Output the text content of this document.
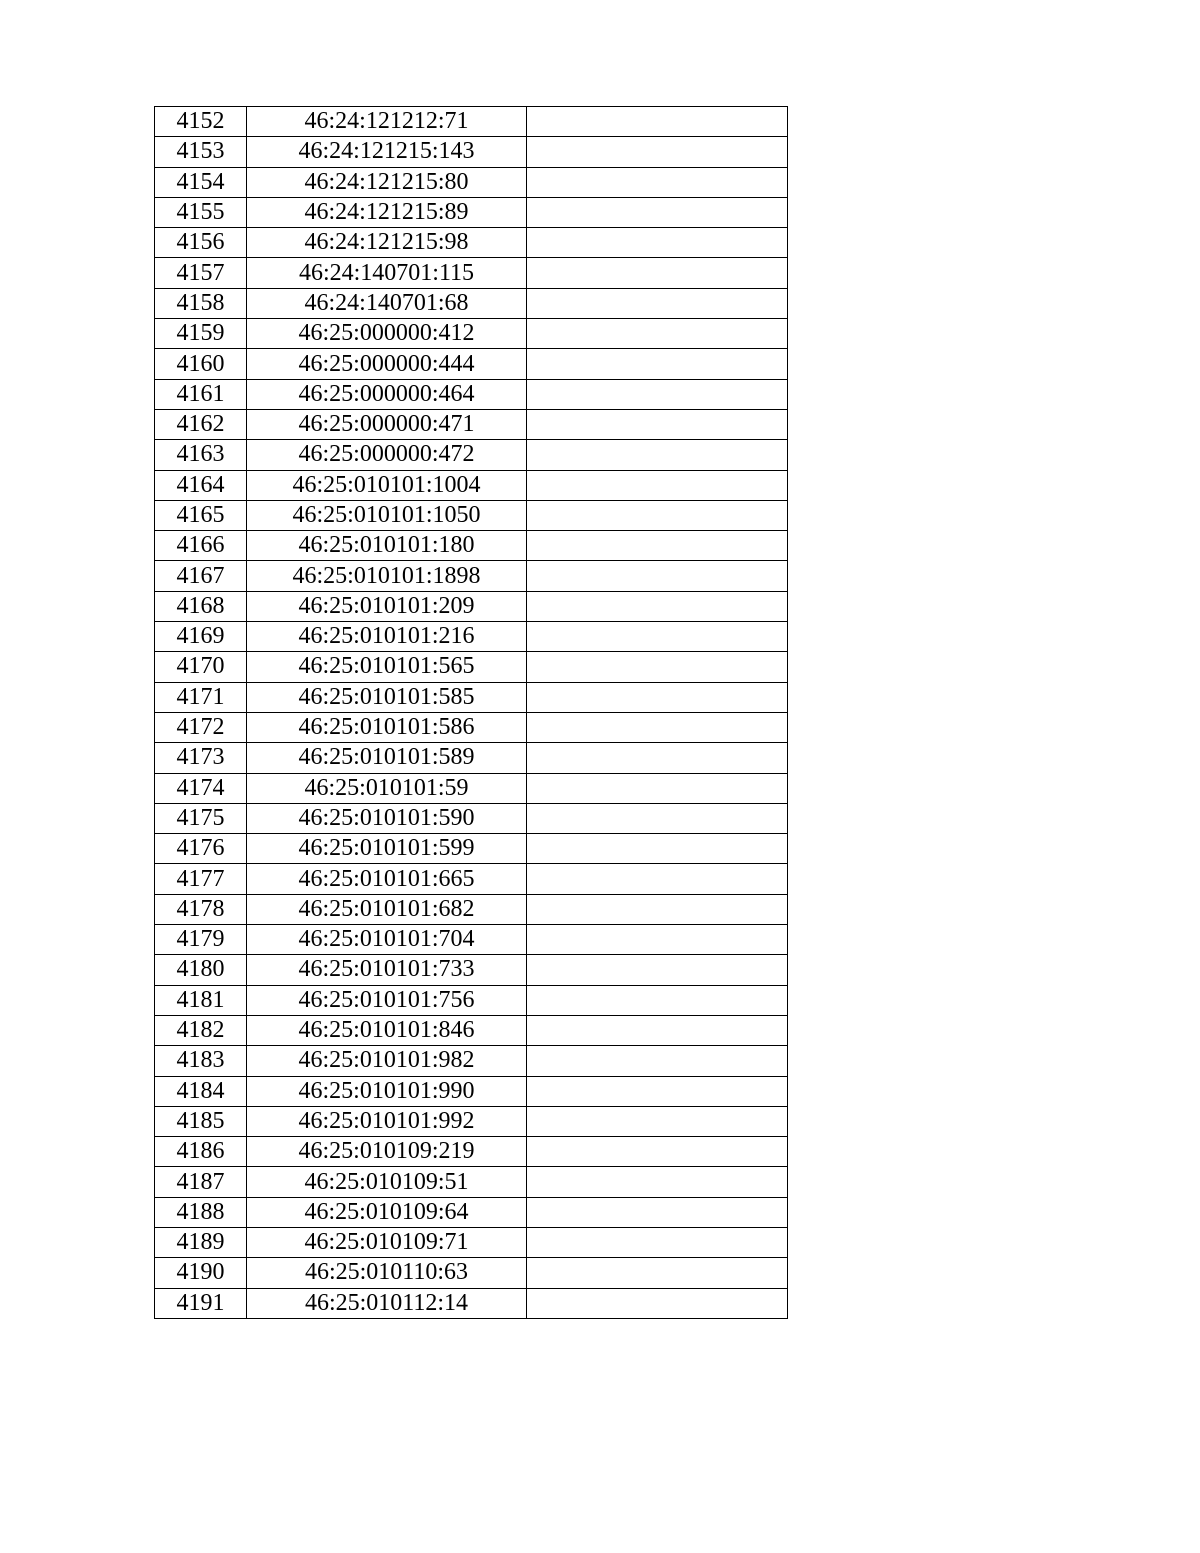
4152	46:24:121212:71	
4153	46:24:121215:143	
4154	46:24:121215:80	
4155	46:24:121215:89	
4156	46:24:121215:98	
4157	46:24:140701:115	
4158	46:24:140701:68	
4159	46:25:000000:412	
4160	46:25:000000:444	
4161	46:25:000000:464	
4162	46:25:000000:471	
4163	46:25:000000:472	
4164	46:25:010101:1004	
4165	46:25:010101:1050	
4166	46:25:010101:180	
4167	46:25:010101:1898	
4168	46:25:010101:209	
4169	46:25:010101:216	
4170	46:25:010101:565	
4171	46:25:010101:585	
4172	46:25:010101:586	
4173	46:25:010101:589	
4174	46:25:010101:59	
4175	46:25:010101:590	
4176	46:25:010101:599	
4177	46:25:010101:665	
4178	46:25:010101:682	
4179	46:25:010101:704	
4180	46:25:010101:733	
4181	46:25:010101:756	
4182	46:25:010101:846	
4183	46:25:010101:982	
4184	46:25:010101:990	
4185	46:25:010101:992	
4186	46:25:010109:219	
4187	46:25:010109:51	
4188	46:25:010109:64	
4189	46:25:010109:71	
4190	46:25:010110:63	
4191	46:25:010112:14	
